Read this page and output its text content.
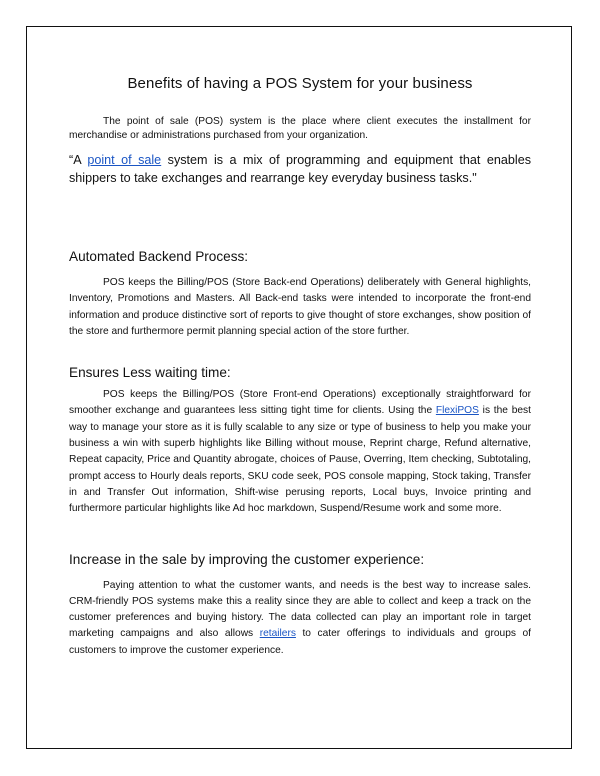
Benefits of having a POS System for your business

The point of sale (POS) system is the place where client executes the installment for merchandise or administrations purchased from your organization.

“A point of sale system is a mix of programming and equipment that enables shippers to take exchanges and rearrange key everyday business tasks."

Automated Backend Process:

POS keeps the Billing/POS (Store Back-end Operations) deliberately with General highlights, Inventory, Promotions and Masters. All Back-end tasks were intended to incorporate the front-end information and produce distinctive sort of reports to give thought of store exchanges, show position of the store and furthermore permit planning special action of the store further.

Ensures Less waiting time:

POS keeps the Billing/POS (Store Front-end Operations) exceptionally straightforward for smoother exchange and guarantees less sitting tight time for clients. Using the FlexiPOS is the best way to manage your store as it is fully scalable to any size or type of business to help you make your business a win with superb highlights like Billing without mouse, Reprint charge, Refund alternative, Repeat capacity, Price and Quantity abrogate, choices of Pause, Overring, Item checking, Subtotaling, prompt access to Hourly deals reports, SKU code seek, POS console mapping, Stock taking, Transfer in and Transfer Out information, Shift-wise perusing reports, Local buys, Invoice printing and furthermore particular highlights like Ad hoc markdown, Suspend/Resume work and some more.

Increase in the sale by improving the customer experience:

Paying attention to what the customer wants, and needs is the best way to increase sales. CRM-friendly POS systems make this a reality since they are able to collect and keep a track on the customer preferences and buying history. The data collected can play an important role in target marketing campaigns and also allows retailers to cater offerings to individuals and groups of customers to improve the customer experience.
